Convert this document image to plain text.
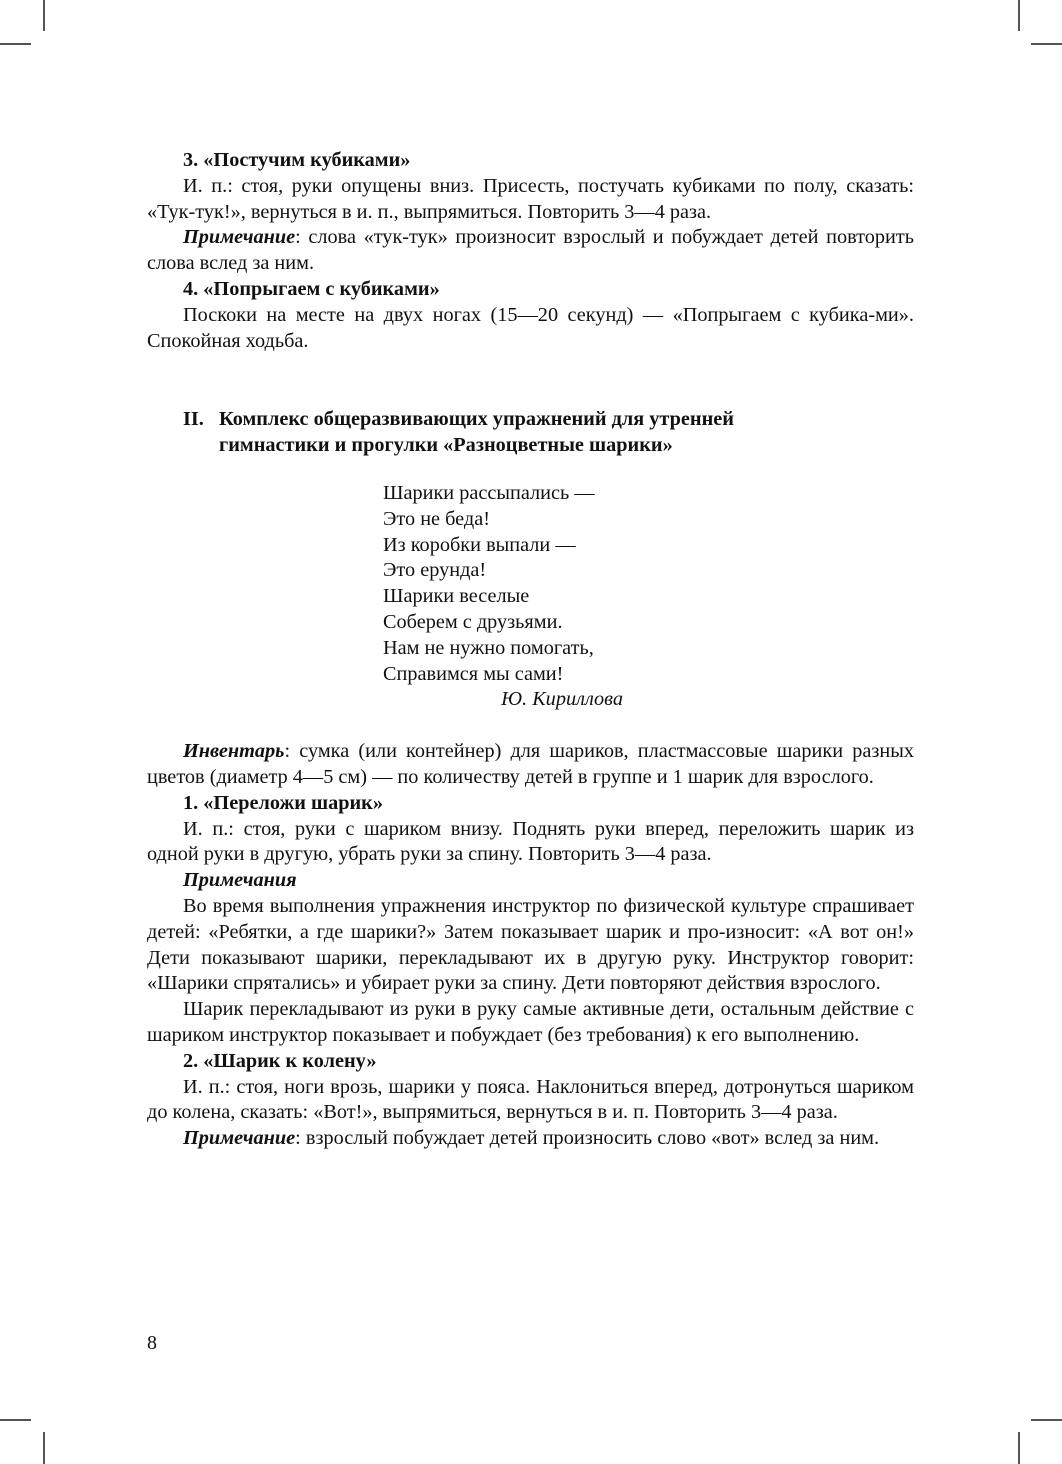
3. «Постучим кубиками»

И. п.: стоя, руки опущены вниз. Присесть, постучать кубиками по полу, сказать: «Тук-тук!», вернуться в и. п., выпрямиться. Повторить 3—4 раза.

Примечание: слова «тук-тук» произносит взрослый и побуждает детей повторить слова вслед за ним.

4. «Попрыгаем с кубиками»

Поскоки на месте на двух ногах (15—20 секунд) — «Попрыгаем с кубика-ми». Спокойная ходьба.

II. Комплекс общеразвивающих упражнений для утренней гимнастики и прогулки «Разноцветные шарики»
Шарики рассыпались —
Это не беда!
Из коробки выпали —
Это ерунда!
Шарики веселые
Соберем с друзьями.
Нам не нужно помогать,
Справимся мы сами!
Ю. Кириллова

Инвентарь: сумка (или контейнер) для шариков, пластмассовые шарики разных цветов (диаметр 4—5 см) — по количеству детей в группе и 1 шарик для взрослого.

1. «Переложи шарик»

И. п.: стоя, руки с шариком внизу. Поднять руки вперед, переложить шарик из одной руки в другую, убрать руки за спину. Повторить 3—4 раза.

Примечания

Во время выполнения упражнения инструктор по физической культуре спрашивает детей: «Ребятки, а где шарики?» Затем показывает шарик и про-износит: «А вот он!» Дети показывают шарики, перекладывают их в другую руку. Инструктор говорит: «Шарики спрятались» и убирает руки за спину. Дети повторяют действия взрослого.

Шарик перекладывают из руки в руку самые активные дети, остальным действие с шариком инструктор показывает и побуждает (без требования) к его выполнению.

2. «Шарик к колену»

И. п.: стоя, ноги врозь, шарики у пояса. Наклониться вперед, дотронуться шариком до колена, сказать: «Вот!», выпрямиться, вернуться в и. п. Повторить 3—4 раза.

Примечание: взрослый побуждает детей произносить слово «вот» вслед за ним.

8
